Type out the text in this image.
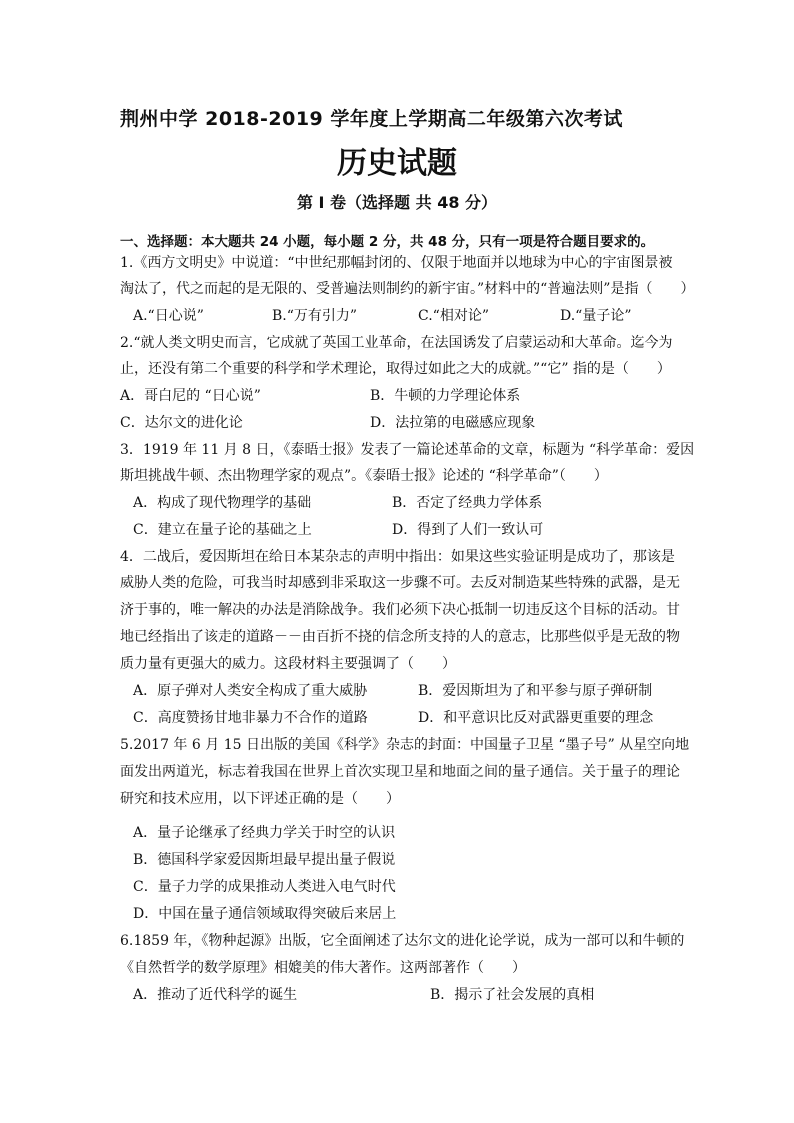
荆州中学 2018-2019 学年度上学期高二年级第六次考试
历史试题
第 I 卷（选择题 共 48 分）
一、选择题：本大题共 24 小题，每小题 2 分，共 48 分，只有一项是符合题目要求的。
1.《西方文明史》中说道：“中世纪那幅封闭的、仅限于地面并以地球为中心的宇宙图景被
淘汰了，代之而起的是无限的、受普遍法则制约的新宇宙。”材料中的“普遍法则”是指（　　）
A.“日心说”	B.“万有引力”	C.“相对论”	D.“量子论”
2.“就人类文明史而言，它成就了英国工业革命，在法国诱发了启蒙运动和大革命。迄今为
止，还没有第二个重要的科学和学术理论，取得过如此之大的成就。”“它” 指的是（　　）
A．哥白尼的 “日心说”	B．牛顿的力学理论体系
C．达尔文的进化论	D．法拉第的电磁感应现象
3．1919 年 11 月 8 日，《泰晤士报》发表了一篇论述革命的文章，标题为 “科学革命：爱因
斯坦挑战牛顿、杰出物理学家的观点”。《泰晤士报》论述的 “科学革命”（　　）
A．构成了现代物理学的基础	B．否定了经典力学体系
C．建立在量子论的基础之上	D．得到了人们一致认可
4．二战后，爱因斯坦在给日本某杂志的声明中指出：如果这些实验证明是成功了，那该是
威胁人类的危险，可我当时却感到非采取这一步骤不可。去反对制造某些特殊的武器，是无
济于事的，唯一解决的办法是消除战争。我们必须下决心抵制一切违反这个目标的活动。甘
地已经指出了该走的道路－－由百折不挠的信念所支持的人的意志，比那些似乎是无敌的物
质力量有更强大的威力。这段材料主要强调了（　　）
A．原子弹对人类安全构成了重大威胁	B．爱因斯坦为了和平参与原子弹研制
C．高度赞扬甘地非暴力不合作的道路	D．和平意识比反对武器更重要的理念
5.2017 年 6 月 15 日出版的美国《科学》杂志的封面：中国量子卫星 “墨子号” 从星空向地
面发出两道光，标志着我国在世界上首次实现卫星和地面之间的量子通信。关于量子的理论
研究和技术应用，以下评述正确的是（　　）
A．量子论继承了经典力学关于时空的认识
B．德国科学家爱因斯坦最早提出量子假说
C．量子力学的成果推动人类进入电气时代
D．中国在量子通信领域取得突破后来居上
6.1859 年，《物种起源》出版，它全面阐述了达尔文的进化论学说，成为一部可以和牛顿的
《自然哲学的数学原理》相媲美的伟大著作。这两部著作（　　）
A．推动了近代科学的诞生	B．揭示了社会发展的真相
